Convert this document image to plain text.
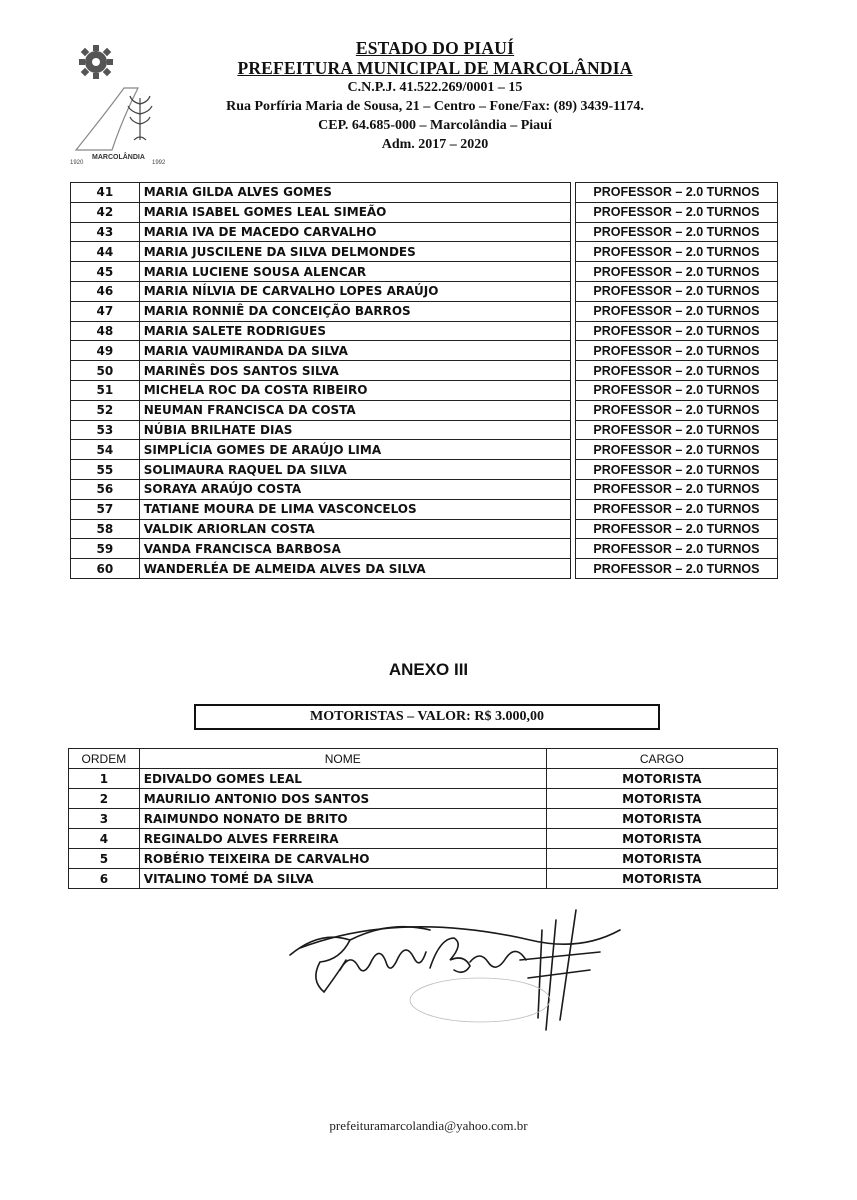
1920
MARCOLÂNDIA
1992
ESTADO DO PIAUÍ
PREFEITURA MUNICIPAL DE MARCOLÂNDIA
C.N.P.J. 41.522.269/0001 – 15
Rua Porfíria Maria de Sousa, 21 – Centro – Fone/Fax: (89) 3439-1174.
CEP. 64.685-000 – Marcolândia – Piauí
Adm. 2017 – 2020
41	MARIA GILDA ALVES GOMES		PROFESSOR – 2.0 TURNOS
42	MARIA ISABEL GOMES LEAL SIMEÃO		PROFESSOR – 2.0 TURNOS
43	MARIA IVA DE MACEDO CARVALHO		PROFESSOR – 2.0 TURNOS
44	MARIA JUSCILENE DA SILVA DELMONDES		PROFESSOR – 2.0 TURNOS
45	MARIA LUCIENE SOUSA ALENCAR		PROFESSOR – 2.0 TURNOS
46	MARIA NÍLVIA DE CARVALHO LOPES ARAÚJO		PROFESSOR – 2.0 TURNOS
47	MARIA RONNIÊ DA CONCEIÇÃO BARROS		PROFESSOR – 2.0 TURNOS
48	MARIA SALETE RODRIGUES		PROFESSOR – 2.0 TURNOS
49	MARIA VAUMIRANDA DA SILVA		PROFESSOR – 2.0 TURNOS
50	MARINÊS DOS SANTOS SILVA		PROFESSOR – 2.0 TURNOS
51	MICHELA ROC DA COSTA RIBEIRO		PROFESSOR – 2.0 TURNOS
52	NEUMAN FRANCISCA DA COSTA		PROFESSOR – 2.0 TURNOS
53	NÚBIA BRILHATE DIAS		PROFESSOR – 2.0 TURNOS
54	SIMPLÍCIA GOMES DE ARAÚJO LIMA		PROFESSOR – 2.0 TURNOS
55	SOLIMAURA RAQUEL DA SILVA		PROFESSOR – 2.0 TURNOS
56	SORAYA ARAÚJO COSTA		PROFESSOR – 2.0 TURNOS
57	TATIANE MOURA DE LIMA VASCONCELOS		PROFESSOR – 2.0 TURNOS
58	VALDIK ARIORLAN COSTA		PROFESSOR – 2.0 TURNOS
59	VANDA FRANCISCA BARBOSA		PROFESSOR – 2.0 TURNOS
60	WANDERLÉA DE ALMEIDA ALVES DA SILVA		PROFESSOR – 2.0 TURNOS
ANEXO III
MOTORISTAS – VALOR: R$ 3.000,00
ORDEM	NOME	CARGO
1	EDIVALDO GOMES LEAL	MOTORISTA
2	MAURILIO ANTONIO DOS SANTOS	MOTORISTA
3	RAIMUNDO NONATO DE BRITO	MOTORISTA
4	REGINALDO ALVES FERREIRA	MOTORISTA
5	ROBÉRIO TEIXEIRA DE CARVALHO	MOTORISTA
6	VITALINO TOMÉ DA SILVA	MOTORISTA
prefeituramarcolandia@yahoo.com.br
